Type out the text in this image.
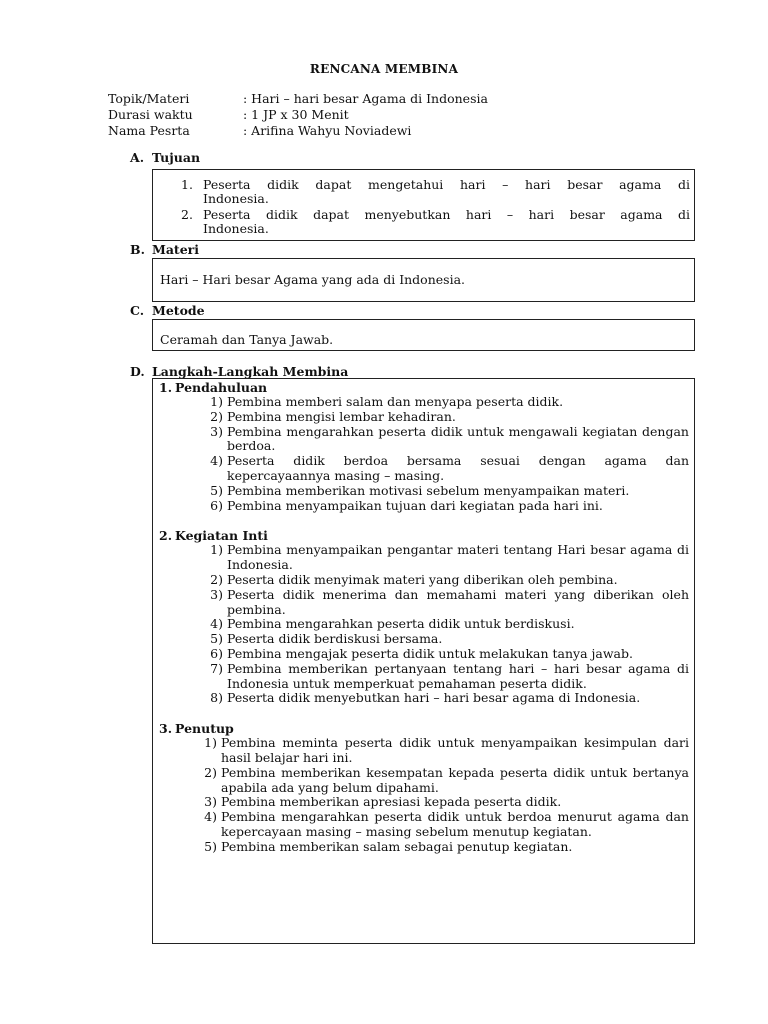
RENCANA MEMBINA
Topik/Materi	: Hari – hari besar Agama di Indonesia
Durasi waktu	: 1 JP x 30 Menit
Nama Pesrta	: Arifina Wahyu Noviadewi
A. Tujuan
1. Peserta didik dapat mengetahui hari – hari besar agama di
Indonesia.
2. Peserta didik dapat menyebutkan hari – hari besar agama di
Indonesia.
B. Materi
Hari – Hari besar Agama yang ada di Indonesia.
C. Metode
Ceramah dan Tanya Jawab.
D. Langkah-Langkah Membina
1. Pendahuluan
1) Pembina memberi salam dan menyapa peserta didik.
2) Pembina mengisi lembar kehadiran.
3) Pembina mengarahkan peserta didik untuk mengawali kegiatan dengan berdoa.
4) Peserta didik berdoa bersama sesuai dengan agama dan kepercayaannya masing – masing.
5) Pembina memberikan motivasi sebelum menyampaikan materi.
6) Pembina menyampaikan tujuan dari kegiatan pada hari ini.
2. Kegiatan Inti
1) Pembina menyampaikan pengantar materi tentang Hari besar agama di Indonesia.
2) Peserta didik menyimak materi yang diberikan oleh pembina.
3) Peserta didik menerima dan memahami materi yang diberikan oleh pembina.
4) Pembina mengarahkan peserta didik untuk berdiskusi.
5) Peserta didik berdiskusi bersama.
6) Pembina mengajak peserta didik untuk melakukan tanya jawab.
7) Pembina memberikan pertanyaan tentang hari – hari besar agama di Indonesia untuk memperkuat pemahaman peserta didik.
8) Peserta didik menyebutkan hari – hari besar agama di Indonesia.
3. Penutup
1) Pembina meminta peserta didik untuk menyampaikan kesimpulan dari hasil belajar hari ini.
2) Pembina memberikan kesempatan kepada peserta didik untuk bertanya apabila ada yang belum dipahami.
3) Pembina memberikan apresiasi kepada peserta didik.
4) Pembina mengarahkan peserta didik untuk berdoa menurut agama dan kepercayaan masing – masing sebelum menutup kegiatan.
5) Pembina memberikan salam sebagai penutup kegiatan.
